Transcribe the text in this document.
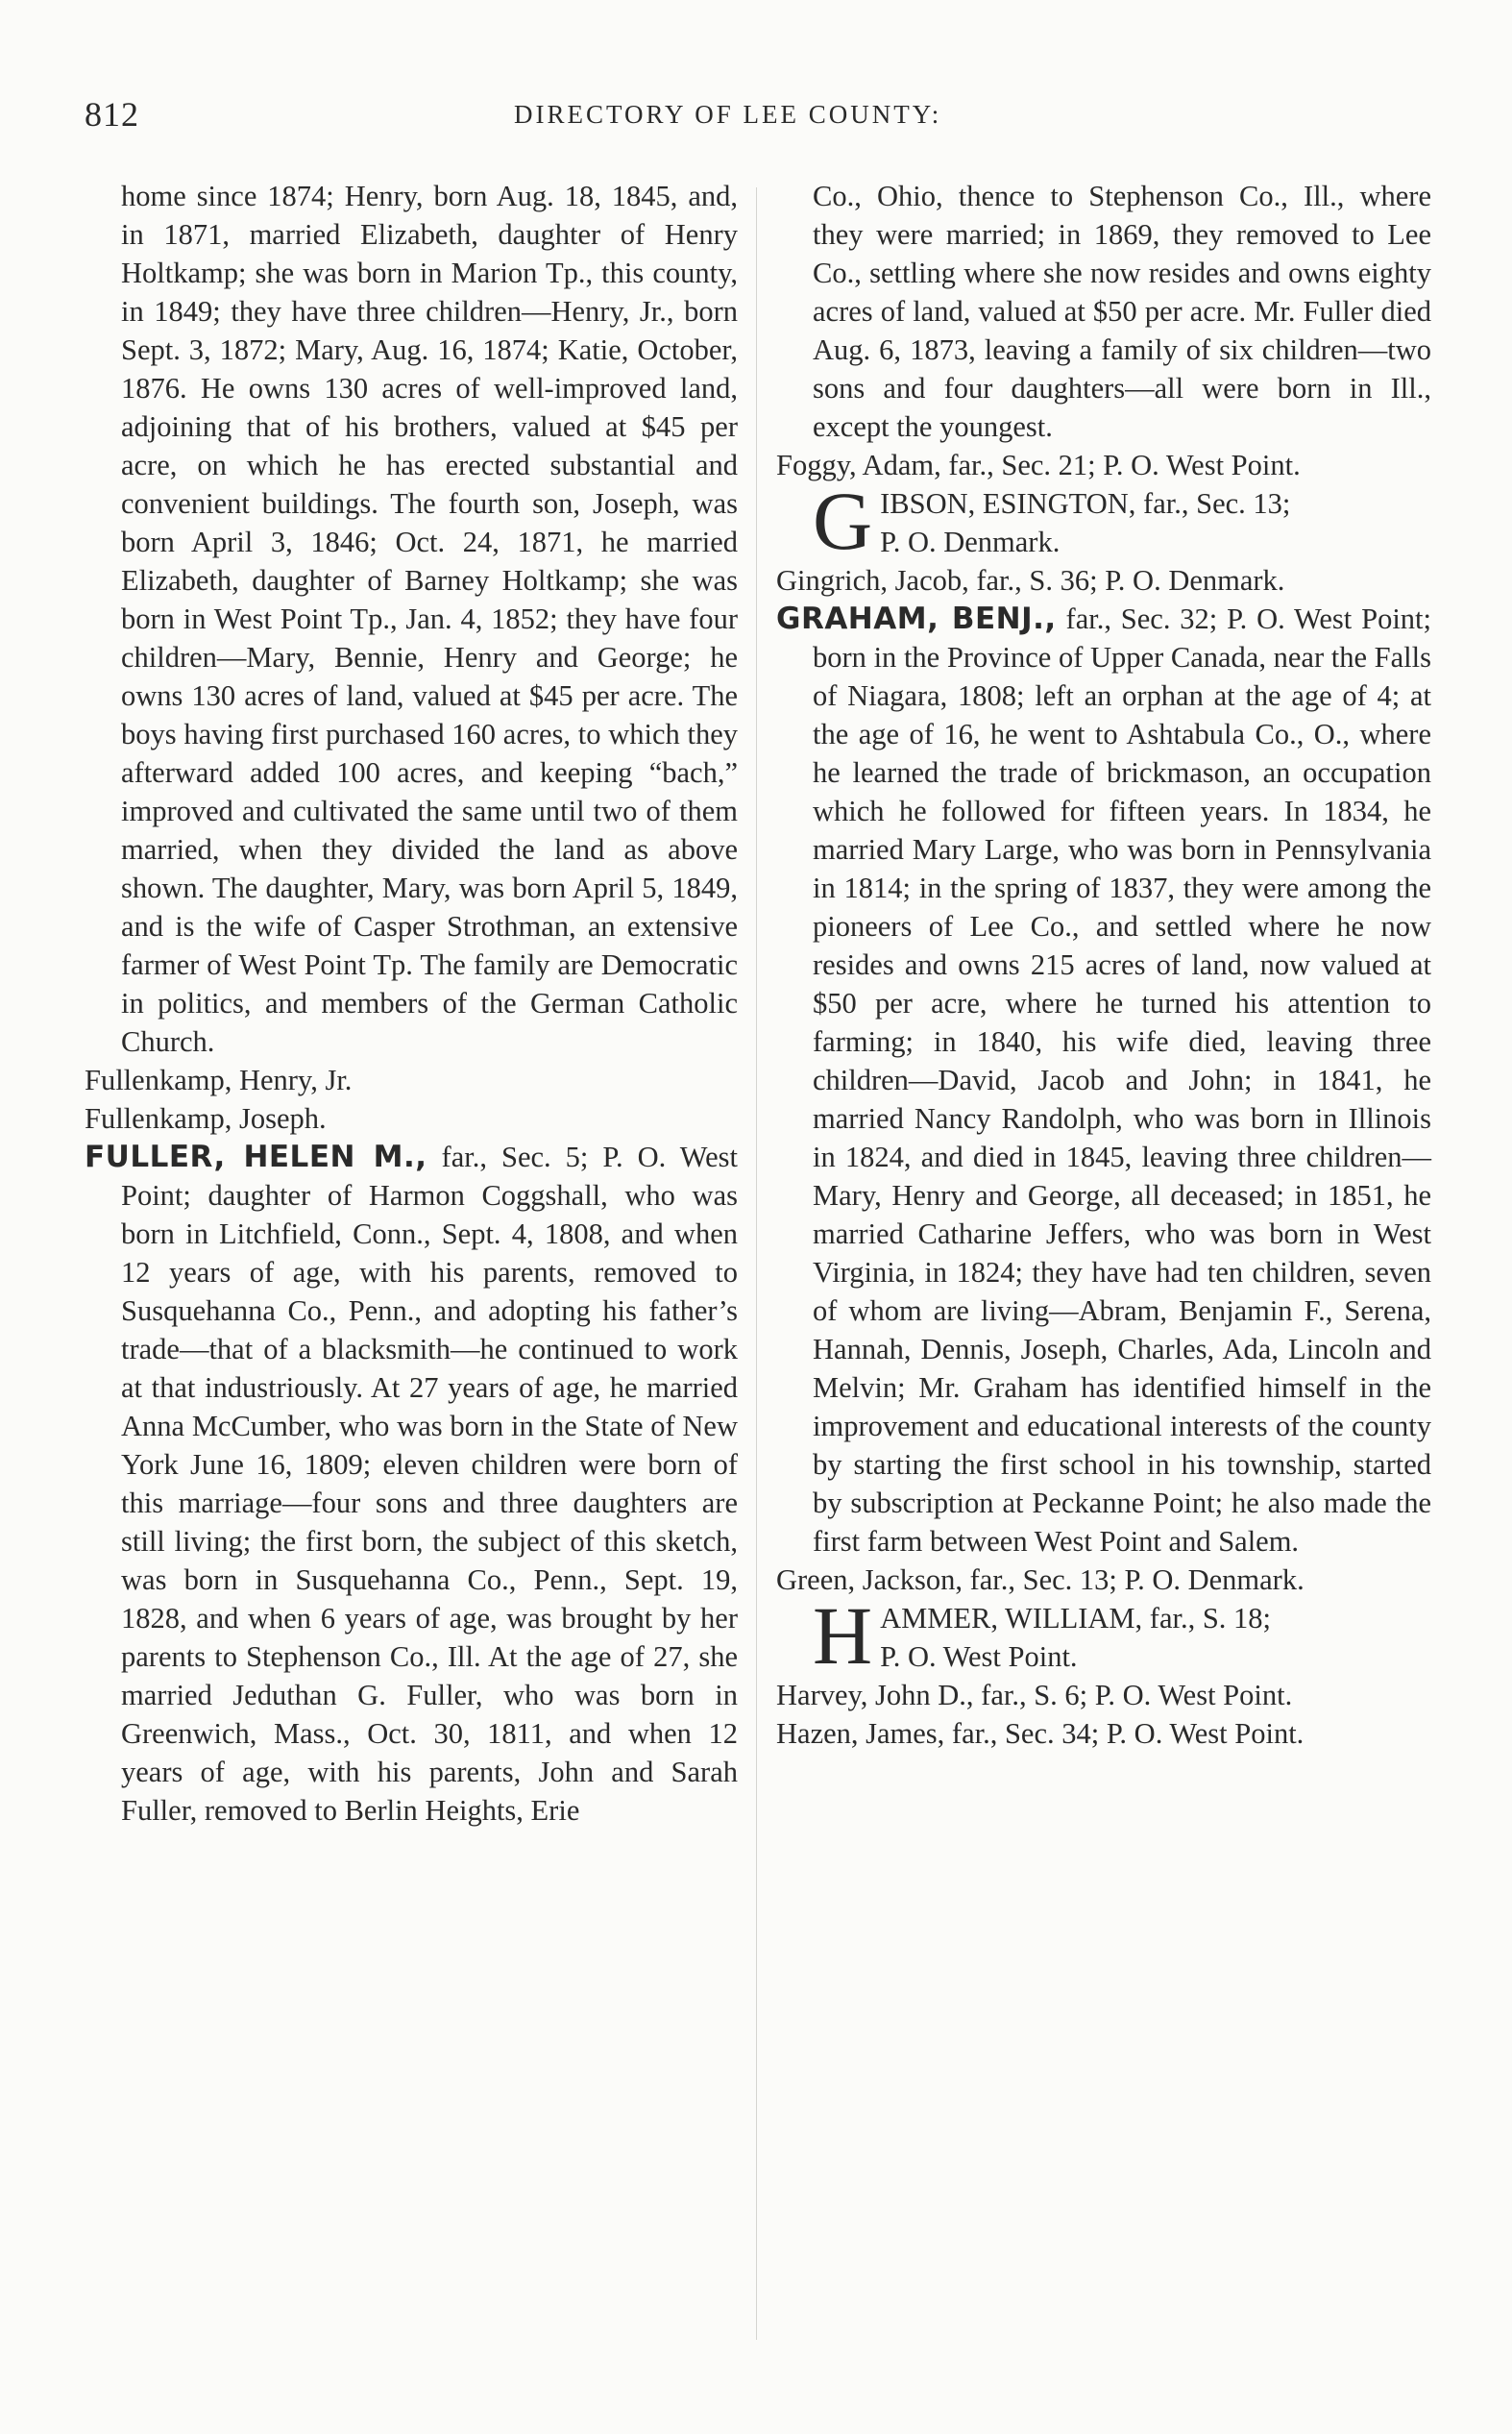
812	DIRECTORY OF LEE COUNTY:

home since 1874; Henry, born Aug. 18, 1845, and, in 1871, married Elizabeth, daughter of Henry Holtkamp; she was born in Marion Tp., this county, in 1849; they have three children—Henry, Jr., born Sept. 3, 1872; Mary, Aug. 16, 1874; Katie, October, 1876. He owns 130 acres of well-improved land, adjoining that of his brothers, valued at $45 per acre, on which he has erected substantial and convenient buildings. The fourth son, Joseph, was born April 3, 1846; Oct. 24, 1871, he married Elizabeth, daughter of Barney Holtkamp; she was born in West Point Tp., Jan. 4, 1852; they have four children—Mary, Bennie, Henry and George; he owns 130 acres of land, valued at $45 per acre. The boys having first purchased 160 acres, to which they afterward added 100 acres, and keeping “bach,” improved and cultivated the same until two of them married, when they divided the land as above shown. The daughter, Mary, was born April 5, 1849, and is the wife of Casper Strothman, an extensive farmer of West Point Tp. The family are Democratic in politics, and members of the German Catholic Church.

Fullenkamp, Henry, Jr.

Fullenkamp, Joseph.

FULLER, HELEN M., far., Sec. 5; P. O. West Point; daughter of Harmon Coggshall, who was born in Litchfield, Conn., Sept. 4, 1808, and when 12 years of age, with his parents, removed to Susquehanna Co., Penn., and adopting his father’s trade—that of a blacksmith—he continued to work at that industriously. At 27 years of age, he married Anna McCumber, who was born in the State of New York June 16, 1809; eleven children were born of this marriage—four sons and three daughters are still living; the first born, the subject of this sketch, was born in Susquehanna Co., Penn., Sept. 19, 1828, and when 6 years of age, was brought by her parents to Stephenson Co., Ill. At the age of 27, she married Jeduthan G. Fuller, who was born in Greenwich, Mass., Oct. 30, 1811, and when 12 years of age, with his parents, John and Sarah Fuller, removed to Berlin Heights, Erie

Co., Ohio, thence to Stephenson Co., Ill., where they were married; in 1869, they removed to Lee Co., settling where she now resides and owns eighty acres of land, valued at $50 per acre. Mr. Fuller died Aug. 6, 1873, leaving a family of six children—two sons and four daughters—all were born in Ill., except the youngest.

Foggy, Adam, far., Sec. 21; P. O. West Point.

G IBSON, ESINGTON, far., Sec. 13;
P. O. Denmark.

Gingrich, Jacob, far., S. 36; P. O. Denmark.

GRAHAM, BENJ., far., Sec. 32; P. O. West Point; born in the Province of Upper Canada, near the Falls of Niagara, 1808; left an orphan at the age of 4; at the age of 16, he went to Ashtabula Co., O., where he learned the trade of brickmason, an occupation which he followed for fifteen years. In 1834, he married Mary Large, who was born in Pennsylvania in 1814; in the spring of 1837, they were among the pioneers of Lee Co., and settled where he now resides and owns 215 acres of land, now valued at $50 per acre, where he turned his attention to farming; in 1840, his wife died, leaving three children—David, Jacob and John; in 1841, he married Nancy Randolph, who was born in Illinois in 1824, and died in 1845, leaving three children—Mary, Henry and George, all deceased; in 1851, he married Catharine Jeffers, who was born in West Virginia, in 1824; they have had ten children, seven of whom are living—Abram, Benjamin F., Serena, Hannah, Dennis, Joseph, Charles, Ada, Lincoln and Melvin; Mr. Graham has identified himself in the improvement and educational interests of the county by starting the first school in his township, started by subscription at Peckanne Point; he also made the first farm between West Point and Salem.

Green, Jackson, far., Sec. 13; P. O. Denmark.

H AMMER, WILLIAM, far., S. 18;
P. O. West Point.

Harvey, John D., far., S. 6; P. O. West Point.

Hazen, James, far., Sec. 34; P. O. West Point.
